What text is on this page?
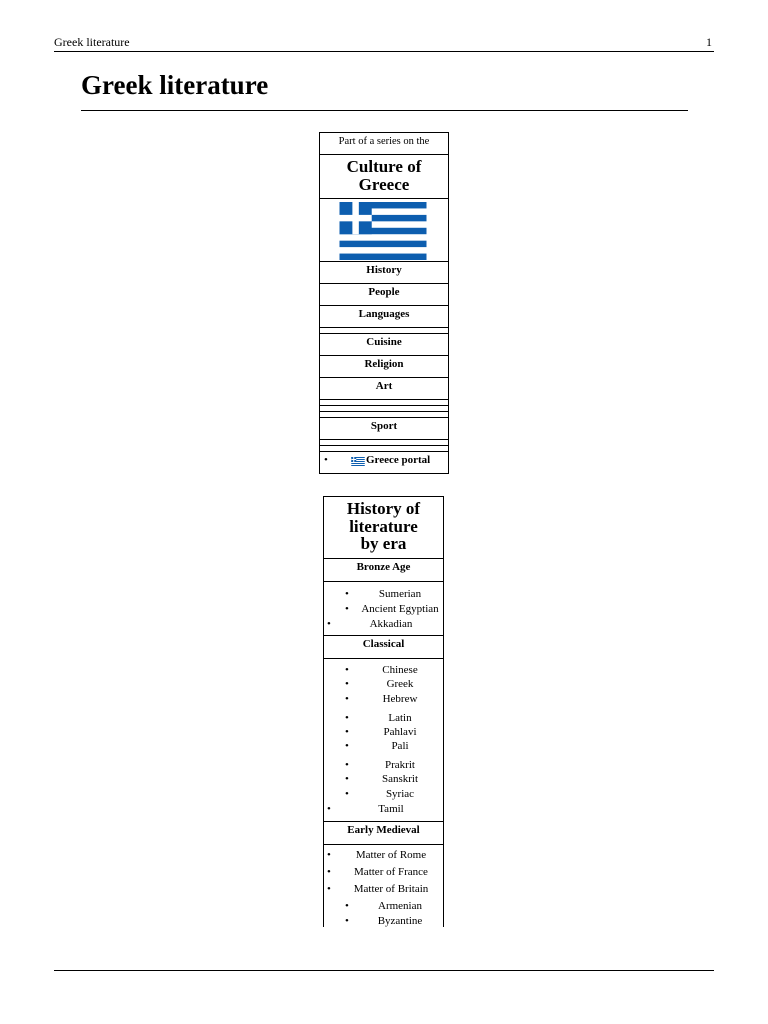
Greek literature	1
Greek literature
Part of a series on the
Culture of
Greece
History
People
Languages
Cuisine
Religion
Art
Sport
•	Greece portal
History of
literature
by era
Bronze Age
•	Sumerian
•	Ancient Egyptian
•	Akkadian
Classical
•	Chinese
•	Greek
•	Hebrew
•	Latin
•	Pahlavi
•	Pali
•	Prakrit
•	Sanskrit
•	Syriac
•	Tamil
Early Medieval
•	Matter of Rome
•	Matter of France
•	Matter of Britain
•	Armenian
•	Byzantine
